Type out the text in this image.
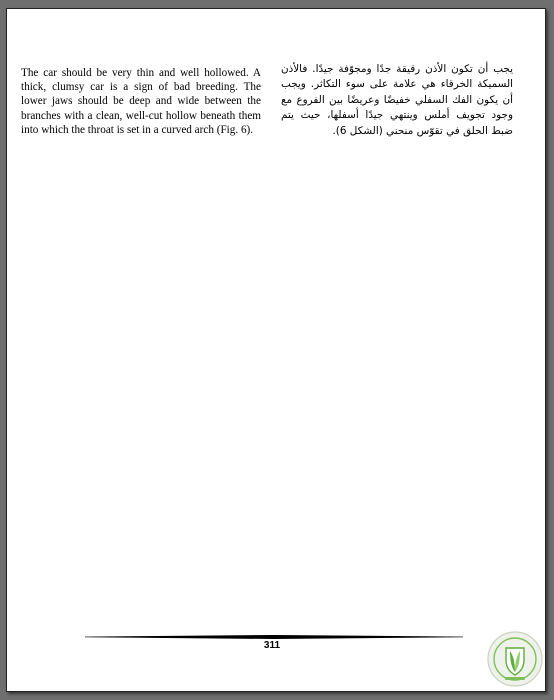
The car should be very thin and well hollowed. A thick, clumsy car is a sign of bad breeding. The lower jaws should be deep and wide between the branches with a clean, well-cut hollow beneath them into which the throat is set in a curved arch (Fig. 6).

يجب أن تكون الأذن رقيقة جدًا ومجوّفة جيدًا. فالأذن السميكة الخرقاء هي علامة على سوء التكاثر. ويجب أن يكون الفك السفلي خفيضًا وعريضًا بين الفروع مع وجود تجويف أملس وينتهي جيدًا أسفلها، حيث يتم ضبط الحلق في تقوّس منحني (الشكل 6).

311
